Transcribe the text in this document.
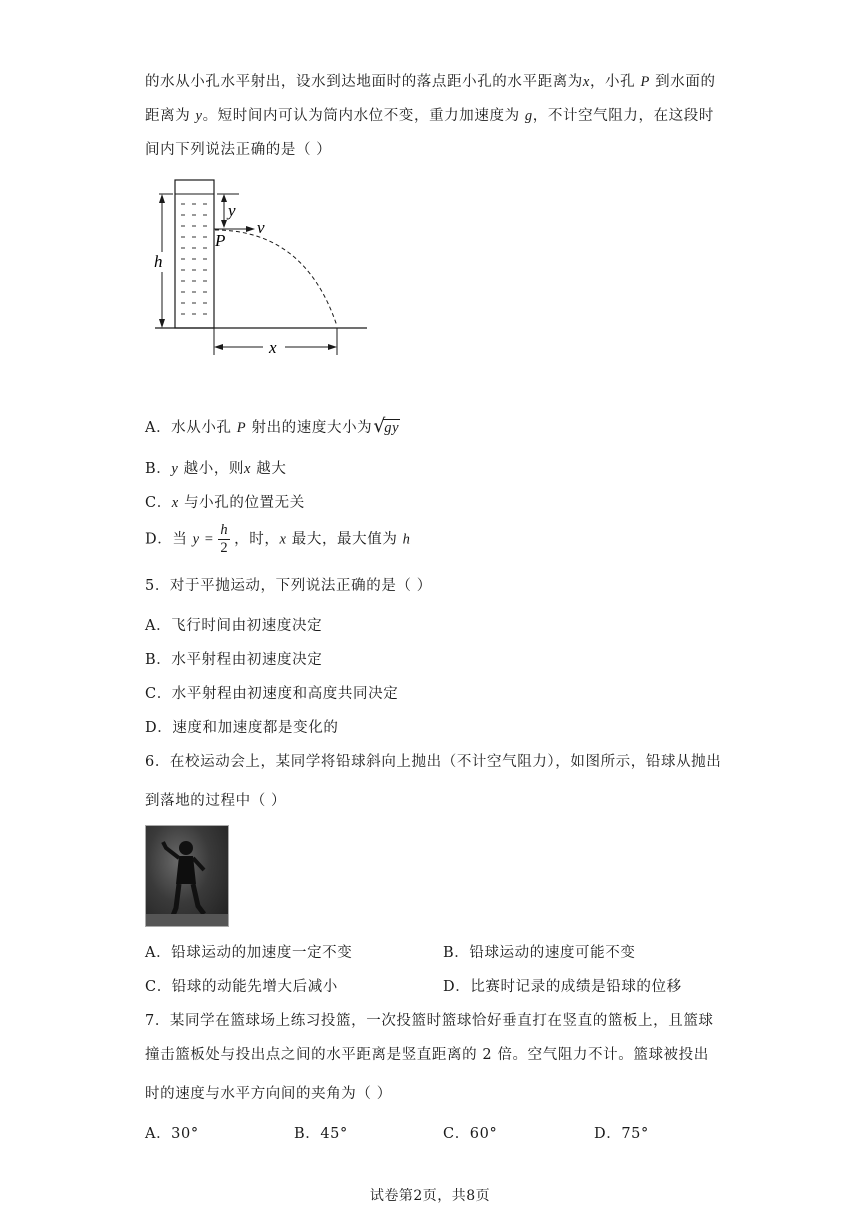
的水从小孔水平射出，设水到达地面时的落点距小孔的水平距离为x，小孔 P 到水面的
距离为 y。短时间内可认为筒内水位不变，重力加速度为 g，不计空气阻力，在这段时
间内下列说法正确的是（ ）
h
y
v
P
x
A．水从小孔 P 射出的速度大小为 √
gy
B．y 越小，则x 越大
C．x 与小孔的位置无关
D．当 $y = \frac{h}{2}$ ，时，x 最大，最大值为 h
5．对于平抛运动，下列说法正确的是（ ）
A．飞行时间由初速度决定
B．水平射程由初速度决定
C．水平射程由初速度和高度共同决定
D．速度和加速度都是变化的
6．在校运动会上，某同学将铅球斜向上抛出（不计空气阻力），如图所示，铅球从抛出
到落地的过程中（ ）
A．铅球运动的加速度一定不变	B．铅球运动的速度可能不变
C．铅球的动能先增大后减小	D．比赛时记录的成绩是铅球的位移
7．某同学在篮球场上练习投篮，一次投篮时篮球恰好垂直打在竖直的篮板上，且篮球
撞击篮板处与投出点之间的水平距离是竖直距离的 2 倍。空气阻力不计。篮球被投出
时的速度与水平方向间的夹角为（ ）
A．30°	B．45°	C．60°	D．75°
试卷第2页，共8页
